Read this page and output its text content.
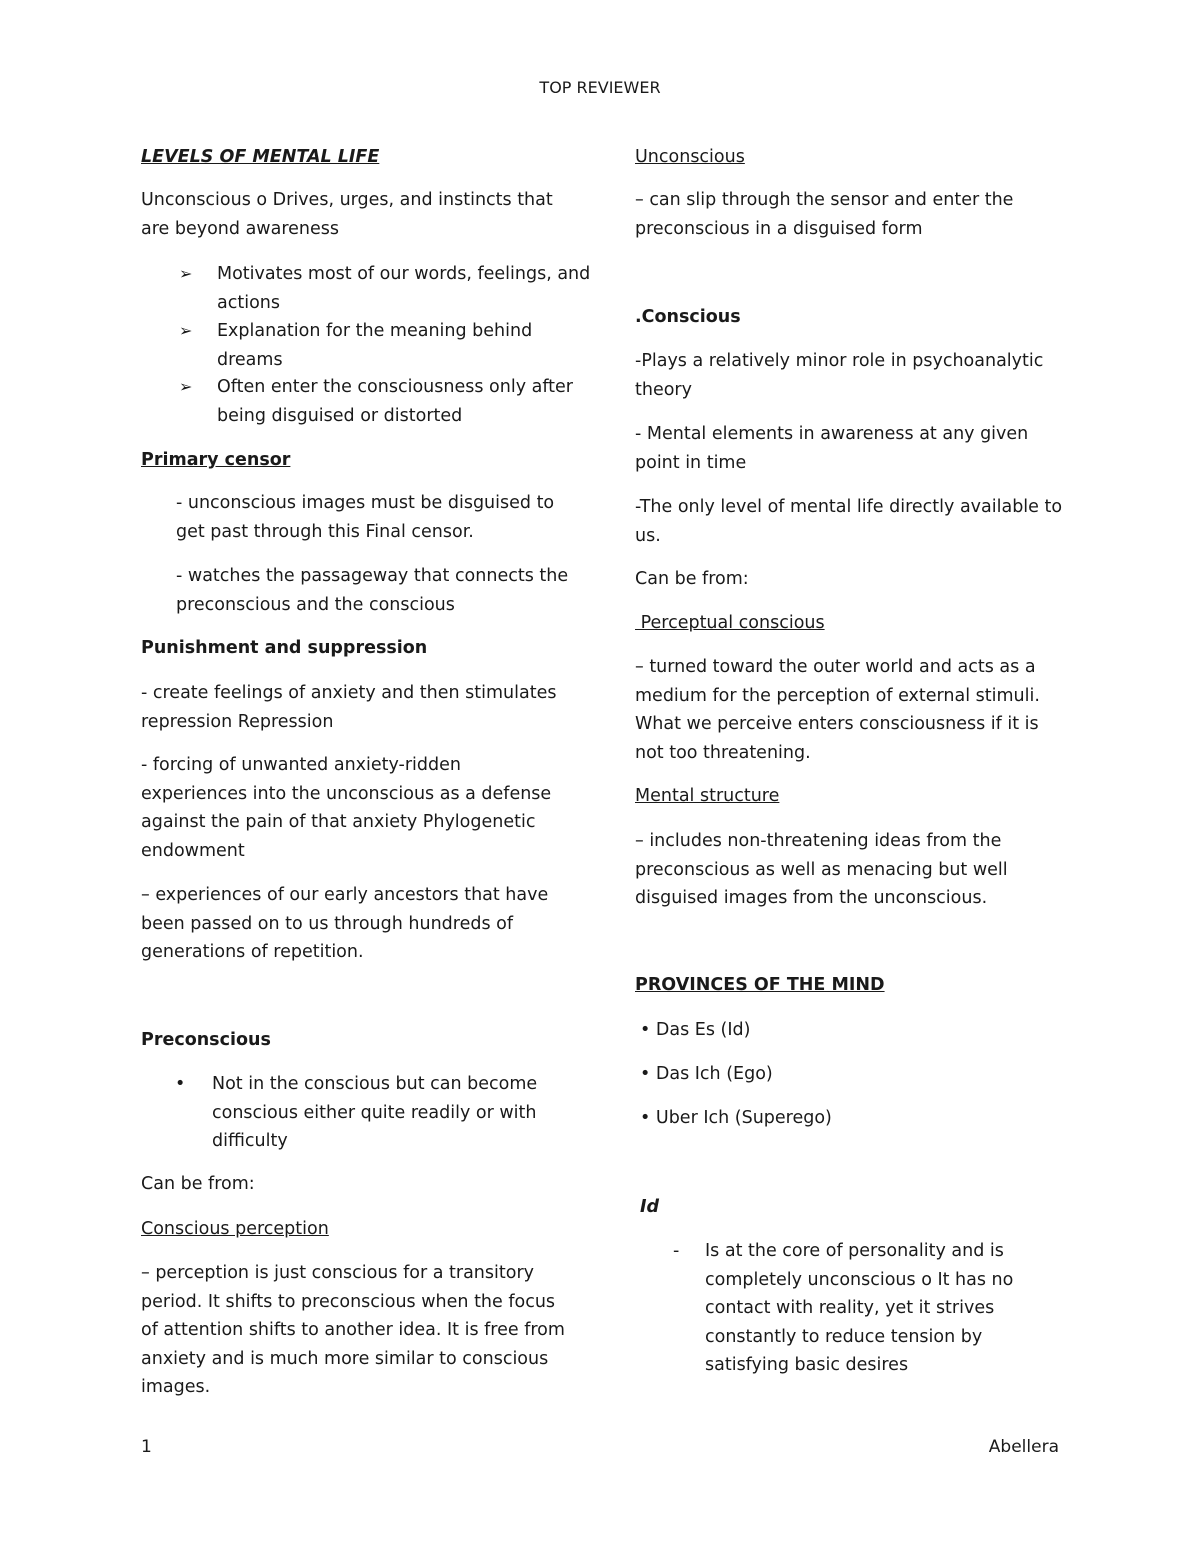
TOP REVIEWER
LEVELS OF MENTAL LIFE
Unconscious o Drives, urges, and instincts that are beyond awareness
➢ Motivates most of our words, feelings, and actions
➢ Explanation for the meaning behind dreams
➢ Often enter the consciousness only after being disguised or distorted
Primary censor
- unconscious images must be disguised to get past through this Final censor.
- watches the passageway that connects the preconscious and the conscious
Punishment and suppression
- create feelings of anxiety and then stimulates repression Repression
- forcing of unwanted anxiety-ridden experiences into the unconscious as a defense against the pain of that anxiety Phylogenetic endowment
– experiences of our early ancestors that have been passed on to us through hundreds of generations of repetition.
Preconscious
• Not in the conscious but can become conscious either quite readily or with difficulty
Can be from:
Conscious perception
– perception is just conscious for a transitory period. It shifts to preconscious when the focus of attention shifts to another idea. It is free from anxiety and is much more similar to conscious images.
Unconscious
– can slip through the sensor and enter the preconscious in a disguised form
.Conscious
-Plays a relatively minor role in psychoanalytic theory
- Mental elements in awareness at any given point in time
-The only level of mental life directly available to us.
Can be from:
Perceptual conscious
– turned toward the outer world and acts as a medium for the perception of external stimuli. What we perceive enters consciousness if it is not too threatening.
Mental structure
– includes non-threatening ideas from the preconscious as well as menacing but well disguised images from the unconscious.
PROVINCES OF THE MIND
• Das Es (Id)
• Das Ich (Ego)
• Uber Ich (Superego)
Id
- Is at the core of personality and is completely unconscious o It has no contact with reality, yet it strives constantly to reduce tension by satisfying basic desires
1	Abellera
